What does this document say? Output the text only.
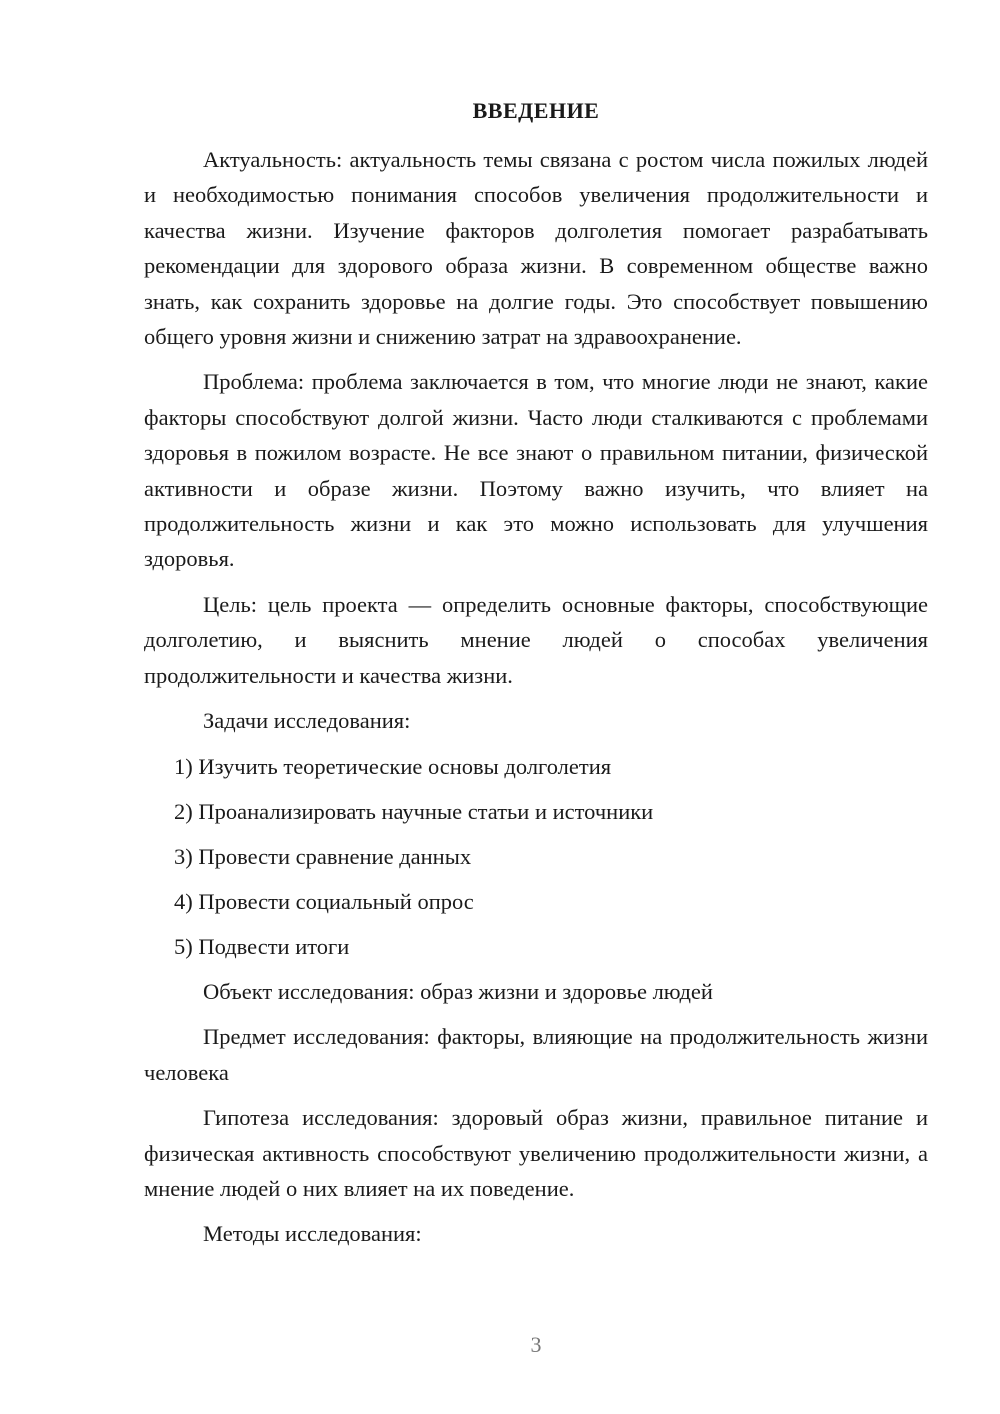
ВВЕДЕНИЕ

Актуальность: актуальность темы связана с ростом числа пожилых людей и необходимостью понимания способов увеличения продолжительности и качества жизни. Изучение факторов долголетия помогает разрабатывать рекомендации для здорового образа жизни. В современном обществе важно знать, как сохранить здоровье на долгие годы. Это способствует повышению общего уровня жизни и снижению затрат на здравоохранение.

Проблема: проблема заключается в том, что многие люди не знают, какие факторы способствуют долгой жизни. Часто люди сталкиваются с проблемами здоровья в пожилом возрасте. Не все знают о правильном питании, физической активности и образе жизни. Поэтому важно изучить, что влияет на продолжительность жизни и как это можно использовать для улучшения здоровья.

Цель: цель проекта — определить основные факторы, способствующие долголетию, и выяснить мнение людей о способах увеличения продолжительности и качества жизни.

Задачи исследования:

1) Изучить теоретические основы долголетия

2) Проанализировать научные статьи и источники

3) Провести сравнение данных

4) Провести социальный опрос

5) Подвести итоги

Объект исследования: образ жизни и здоровье людей

Предмет исследования: факторы, влияющие на продолжительность жизни человека

Гипотеза исследования: здоровый образ жизни, правильное питание и физическая активность способствуют увеличению продолжительности жизни, а мнение людей о них влияет на их поведение.

Методы исследования:

3
